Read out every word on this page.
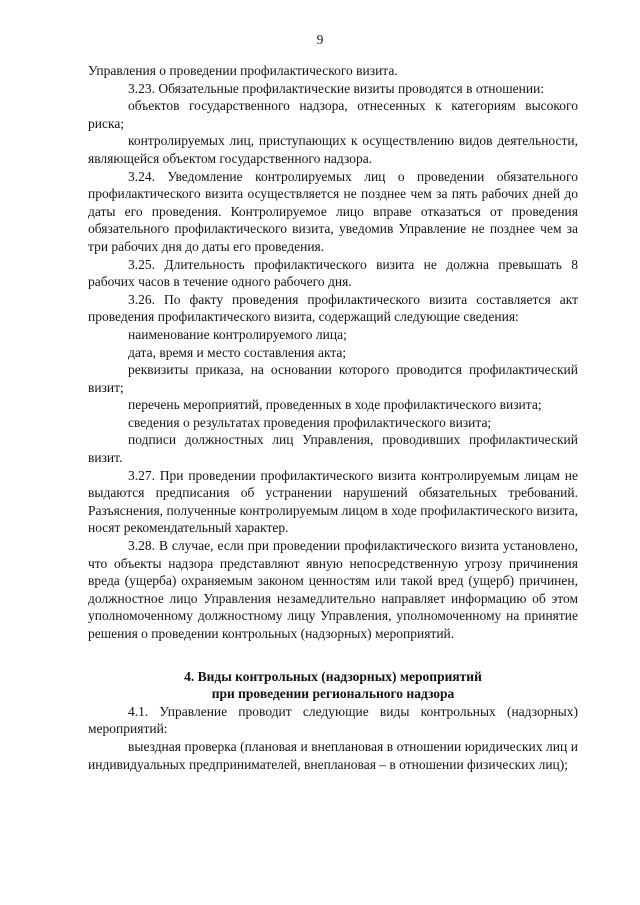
9

Управления о проведении профилактического визита.

3.23. Обязательные профилактические визиты проводятся в отношении:

объектов государственного надзора, отнесенных к категориям высокого риска;

контролируемых лиц, приступающих к осуществлению видов деятельности, являющейся объектом государственного надзора.

3.24. Уведомление контролируемых лиц о проведении обязательного профилактического визита осуществляется не позднее чем за пять рабочих дней до даты его проведения. Контролируемое лицо вправе отказаться от проведения обязательного профилактического визита, уведомив Управление не позднее чем за три рабочих дня до даты его проведения.

3.25. Длительность профилактического визита не должна превышать 8 рабочих часов в течение одного рабочего дня.

3.26. По факту проведения профилактического визита составляется акт проведения профилактического визита, содержащий следующие сведения:

наименование контролируемого лица;

дата, время и место составления акта;

реквизиты приказа, на основании которого проводится профилактический визит;

перечень мероприятий, проведенных в ходе профилактического визита;

сведения о результатах проведения профилактического визита;

подписи должностных лиц Управления, проводивших профилактический визит.

3.27. При проведении профилактического визита контролируемым лицам не выдаются предписания об устранении нарушений обязательных требований. Разъяснения, полученные контролируемым лицом в ходе профилактического визита, носят рекомендательный характер.

3.28. В случае, если при проведении профилактического визита установлено, что объекты надзора представляют явную непосредственную угрозу причинения вреда (ущерба) охраняемым законом ценностям или такой вред (ущерб) причинен, должностное лицо Управления незамедлительно направляет информацию об этом уполномоченному должностному лицу Управления, уполномоченному на принятие решения о проведении контрольных (надзорных) мероприятий.

4. Виды контрольных (надзорных) мероприятий
при проведении регионального надзора

4.1. Управление проводит следующие виды контрольных (надзорных) мероприятий:

выездная проверка (плановая и внеплановая в отношении юридических лиц и индивидуальных предпринимателей, внеплановая – в отношении физических лиц);
